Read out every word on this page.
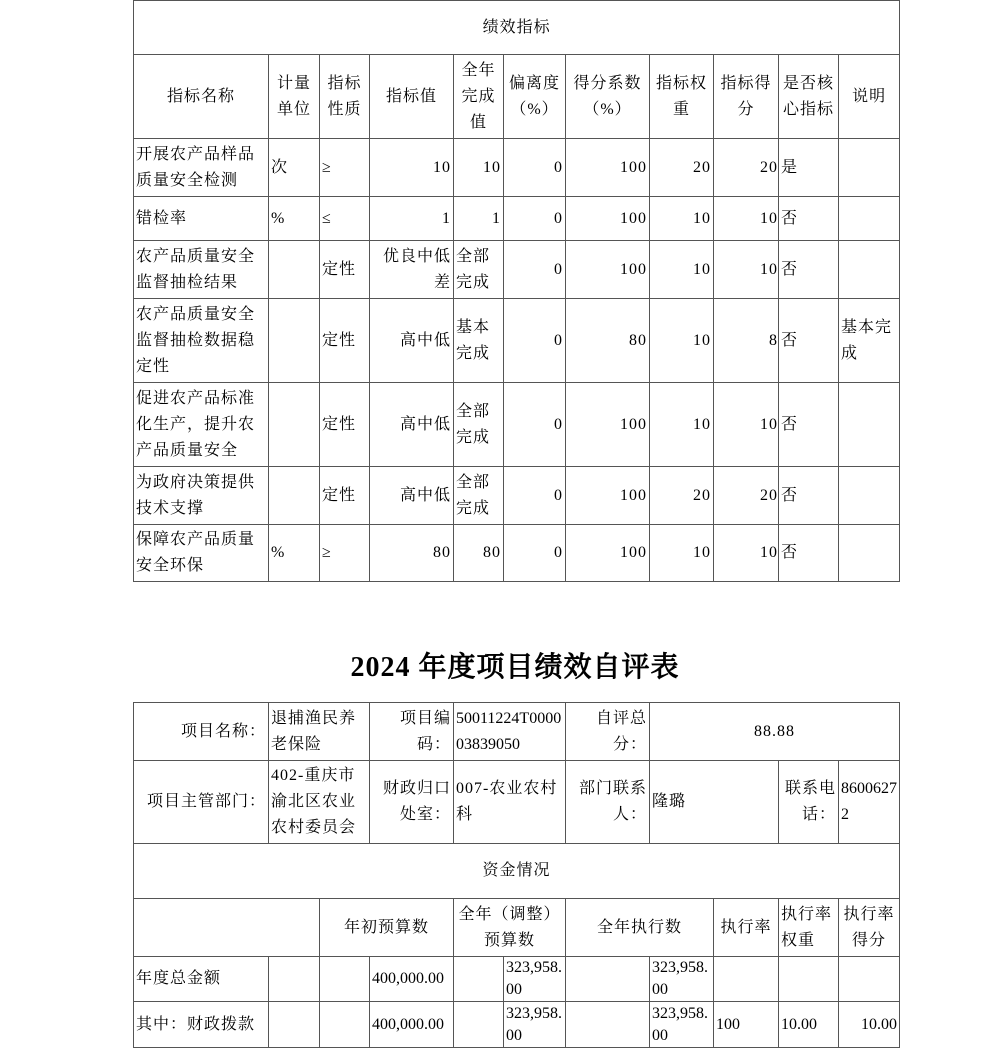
绩效指标										
指标名称	计量单位	指标性质	指标值	全年完成值	偏离度（%）	得分系数（%）	指标权重	指标得分	是否核心指标	说明
开展农产品样品质量安全检测	次	≥	10	10	0	100	20	20	是	
错检率	%	≤	1	1	0	100	10	10	否	
农产品质量安全监督抽检结果		定性	优良中低差	全部完成	0	100	10	10	否	
农产品质量安全监督抽检数据稳定性		定性	高中低	基本完成	0	80	10	8	否	基本完成
促进农产品标准化生产，提升农产品质量安全		定性	高中低	全部完成	0	100	10	10	否	
为政府决策提供技术支撑		定性	高中低	全部完成	0	100	20	20	否	
保障农产品质量安全环保	%	≥	80	80	0	100	10	10	否	
2024 年度项目绩效自评表
项目名称：	退捕渔民养老保险		项目编码：	50011224T000003839050		自评总分：	88.88			
项目主管部门：	402-重庆市渝北区农业农村委员会		财政归口处室：	007-农业农村科		部门联系人：	隆璐		联系电话：	86006272
资金情况										
		年初预算数		全年（调整）预算数		全年执行数		执行率	执行率权重	执行率得分
年度总金额			400,000.00		323,958.00		323,958.00			
其中：财政拨款			400,000.00		323,958.00		323,958.00	100	10.00	10.00
